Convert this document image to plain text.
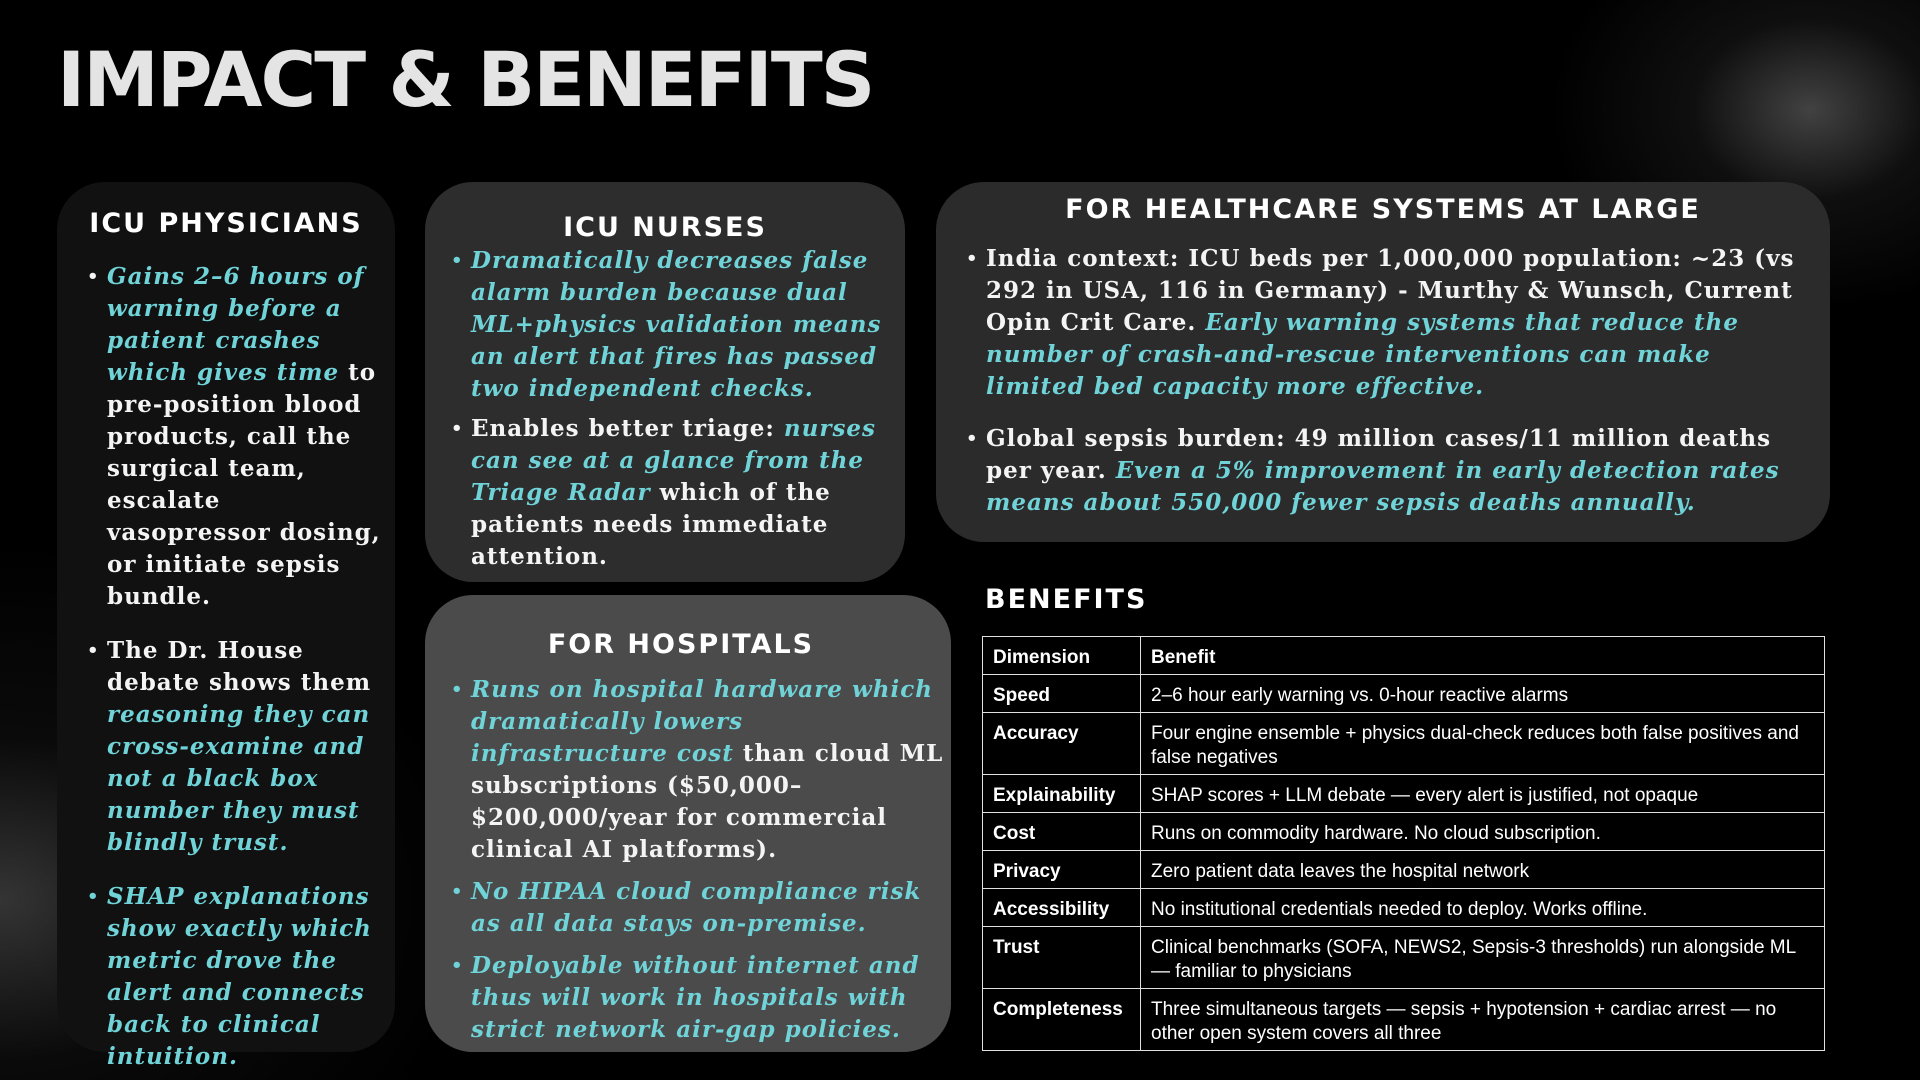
IMPACT & BENEFITS
ICU PHYSICIANS
• Gains 2–6 hours of warning before a patient crashes which gives time to pre-position blood products, call the surgical team, escalate vasopressor dosing, or initiate sepsis bundle.
• The Dr. House debate shows them reasoning they can cross-examine and not a black box number they must blindly trust.
• SHAP explanations show exactly which metric drove the alert and connects back to clinical intuition.
ICU NURSES
• Dramatically decreases false alarm burden because dual ML+physics validation means an alert that fires has passed two independent checks.
• Enables better triage: nurses can see at a glance from the Triage Radar which of the patients needs immediate attention.
FOR HOSPITALS
• Runs on hospital hardware which dramatically lowers infrastructure cost than cloud ML subscriptions ($50,000–$200,000/year for commercial clinical AI platforms).
• No HIPAA cloud compliance risk as all data stays on-premise.
• Deployable without internet and thus will work in hospitals with strict network air-gap policies.
FOR HEALTHCARE SYSTEMS AT LARGE
• India context: ICU beds per 1,000,000 population: ~23 (vs 292 in USA, 116 in Germany) - Murthy & Wunsch, Current Opin Crit Care. Early warning systems that reduce the number of crash-and-rescue interventions can make limited bed capacity more effective.
• Global sepsis burden: 49 million cases/11 million deaths per year. Even a 5% improvement in early detection rates means about 550,000 fewer sepsis deaths annually.
BENEFITS
Dimension	Benefit
Speed	2–6 hour early warning vs. 0-hour reactive alarms
Accuracy	Four engine ensemble + physics dual-check reduces both false positives and false negatives
Explainability	SHAP scores + LLM debate — every alert is justified, not opaque
Cost	Runs on commodity hardware. No cloud subscription.
Privacy	Zero patient data leaves the hospital network
Accessibility	No institutional credentials needed to deploy. Works offline.
Trust	Clinical benchmarks (SOFA, NEWS2, Sepsis-3 thresholds) run alongside ML — familiar to physicians
Completeness	Three simultaneous targets — sepsis + hypotension + cardiac arrest — no other open system covers all three
